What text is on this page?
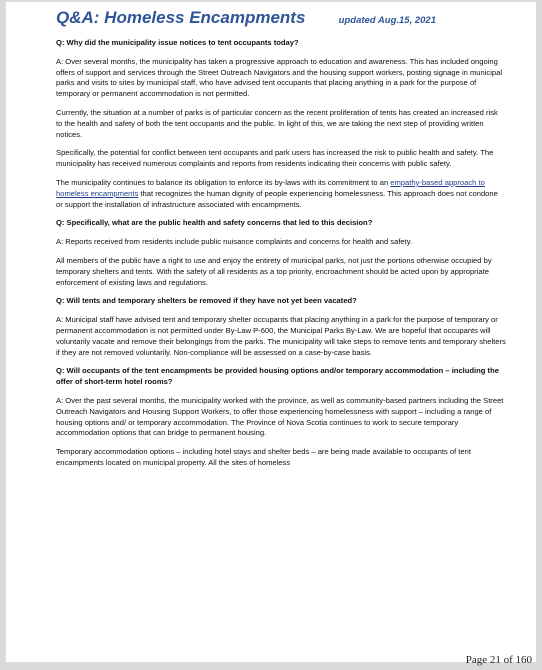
Q&A: Homeless Encampments	updated Aug.15, 2021

Q: Why did the municipality issue notices to tent occupants today?

A: Over several months, the municipality has taken a progressive approach to education and awareness. This has included ongoing offers of support and services through the Street Outreach Navigators and the housing support workers, posting signage in municipal parks and visits to sites by municipal staff, who have advised tent occupants that placing anything in a park for the purpose of temporary or permanent accommodation is not permitted.

Currently, the situation at a number of parks is of particular concern as the recent proliferation of tents has created an increased risk to the health and safety of both the tent occupants and the public. In light of this, we are taking the next step of providing written notices.

Specifically, the potential for conflict between tent occupants and park users has increased the risk to public health and safety. The municipality has received numerous complaints and reports from residents indicating their concerns with public safety.

The municipality continues to balance its obligation to enforce its by-laws with its commitment to an empathy-based approach to homeless encampments that recognizes the human dignity of people experiencing homelessness. This approach does not condone or support the installation of infrastructure associated with encampments.

Q: Specifically, what are the public health and safety concerns that led to this decision?

A: Reports received from residents include public nuisance complaints and concerns for health and safety.

All members of the public have a right to use and enjoy the entirety of municipal parks, not just the portions otherwise occupied by temporary shelters and tents. With the safety of all residents as a top priority, encroachment should be acted upon by appropriate enforcement of existing laws and regulations.

Q: Will tents and temporary shelters be removed if they have not yet been vacated?

A: Municipal staff have advised tent and temporary shelter occupants that placing anything in a park for the purpose of temporary or permanent accommodation is not permitted under By-Law P-600, the Municipal Parks By-Law. We are hopeful that occupants will voluntarily vacate and remove their belongings from the parks. The municipality will take steps to remove tents and temporary shelters if they are not removed voluntarily. Non-compliance will be assessed on a case-by-case basis.

Q: Will occupants of the tent encampments be provided housing options and/or temporary accommodation – including the offer of short-term hotel rooms?

A: Over the past several months, the municipality worked with the province, as well as community-based partners including the Street Outreach Navigators and Housing Support Workers, to offer those experiencing homelessness with support – including a range of housing options and/ or temporary accommodation. The Province of Nova Scotia continues to work to secure temporary accommodation options that can bridge to permanent housing.

Temporary accommodation options – including hotel stays and shelter beds – are being made available to occupants of tent encampments located on municipal property. All the sites of homeless

Page 21 of 160
